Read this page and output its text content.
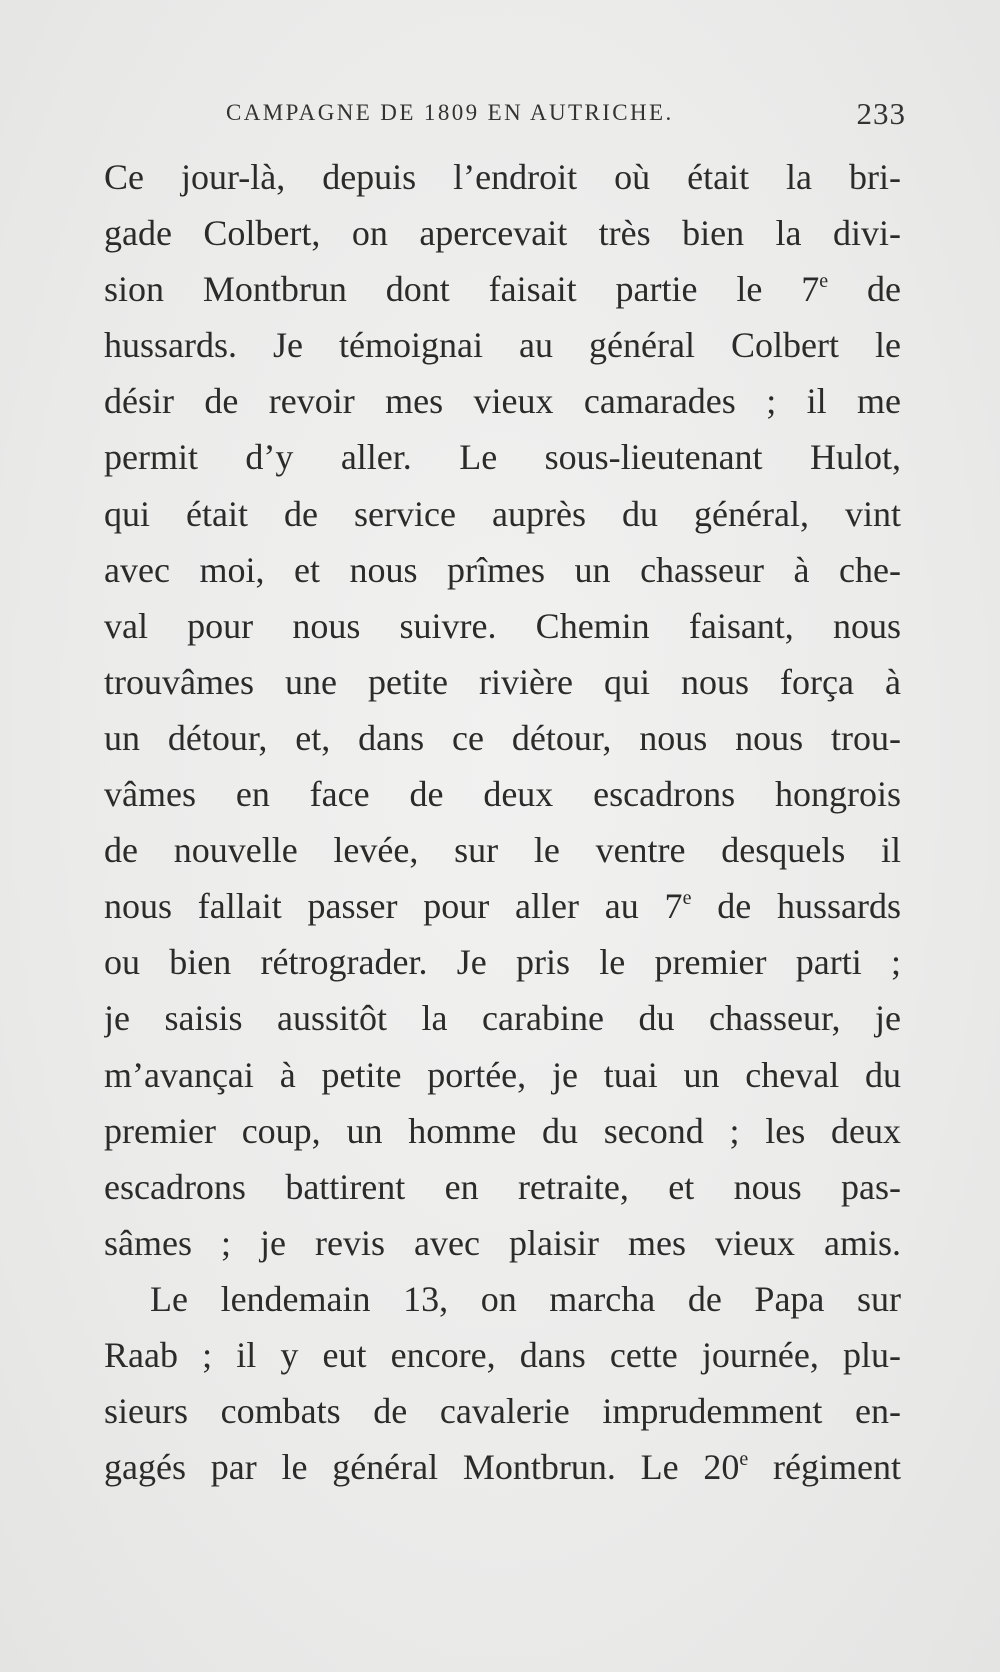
CAMPAGNE DE 1809 EN AUTRICHE.	233
Ce jour-là, depuis l’endroit où était la bri-
gade Colbert, on apercevait très bien la divi-
sion Montbrun dont faisait partie le 7e de
hussards. Je témoignai au général Colbert le
désir de revoir mes vieux camarades ; il me
permit d’y aller. Le sous-lieutenant Hulot,
qui était de service auprès du général, vint
avec moi, et nous prîmes un chasseur à che-
val pour nous suivre. Chemin faisant, nous
trouvâmes une petite rivière qui nous força à
un détour, et, dans ce détour, nous nous trou-
vâmes en face de deux escadrons hongrois
de nouvelle levée, sur le ventre desquels il
nous fallait passer pour aller au 7e de hussards
ou bien rétrograder. Je pris le premier parti ;
je saisis aussitôt la carabine du chasseur, je
m’avançai à petite portée, je tuai un cheval du
premier coup, un homme du second ; les deux
escadrons battirent en retraite, et nous pas-
sâmes ; je revis avec plaisir mes vieux amis.
Le lendemain 13, on marcha de Papa sur
Raab ; il y eut encore, dans cette journée, plu-
sieurs combats de cavalerie imprudemment en-
gagés par le général Montbrun. Le 20e régiment
